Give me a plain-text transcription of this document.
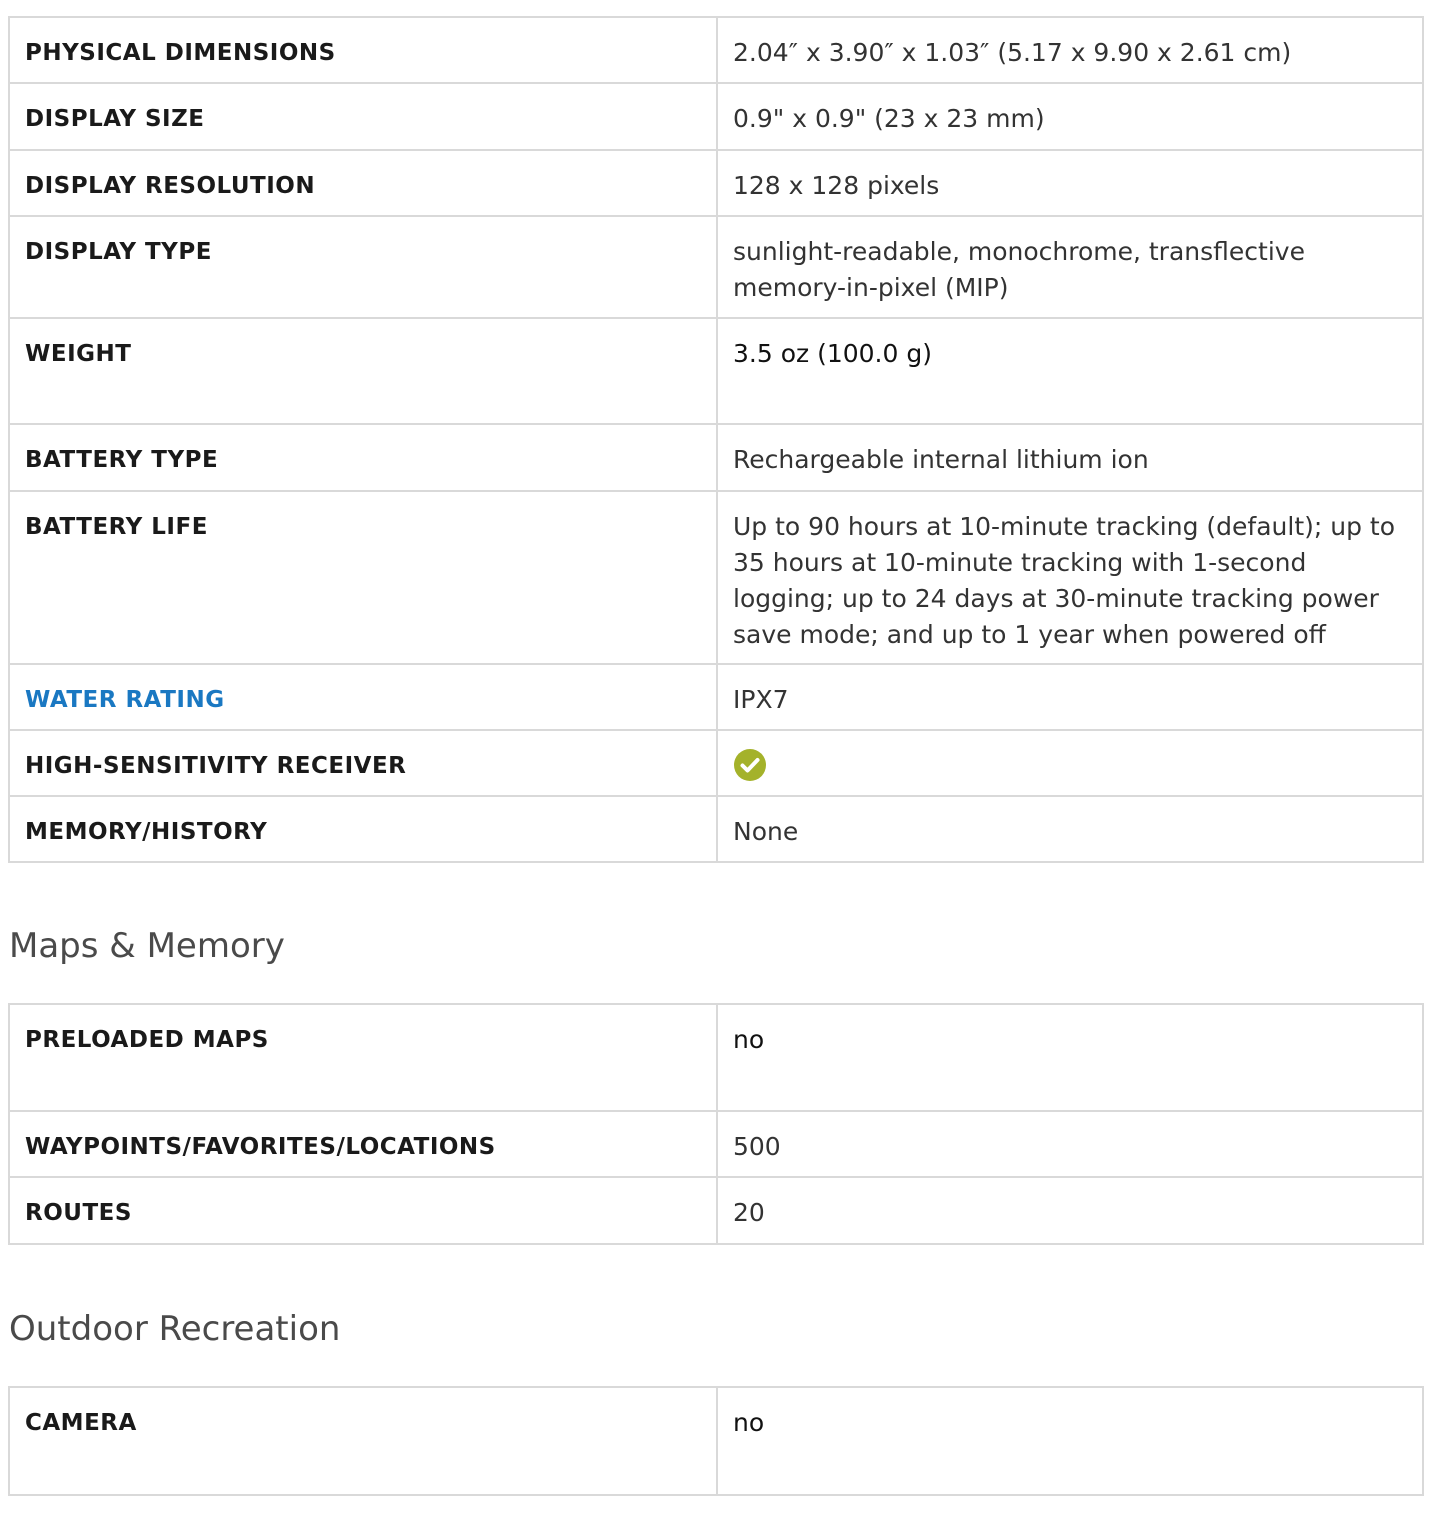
PHYSICAL DIMENSIONS	2.04″ x 3.90″ x 1.03″ (5.17 x 9.90 x 2.61 cm)
DISPLAY SIZE	0.9" x 0.9" (23 x 23 mm)
DISPLAY RESOLUTION	128 x 128 pixels
DISPLAY TYPE	sunlight-readable, monochrome, transflective memory-in-pixel (MIP)
WEIGHT	3.5 oz (100.0 g)
BATTERY TYPE	Rechargeable internal lithium ion
BATTERY LIFE	Up to 90 hours at 10-minute tracking (default); up to 35 hours at 10-minute tracking with 1-second logging; up to 24 days at 30-minute tracking power save mode; and up to 1 year when powered off
WATER RATING	IPX7
HIGH-SENSITIVITY RECEIVER	
MEMORY/HISTORY	None
Maps & Memory
PRELOADED MAPS	no
WAYPOINTS/FAVORITES/LOCATIONS	500
ROUTES	20
Outdoor Recreation
CAMERA	no
